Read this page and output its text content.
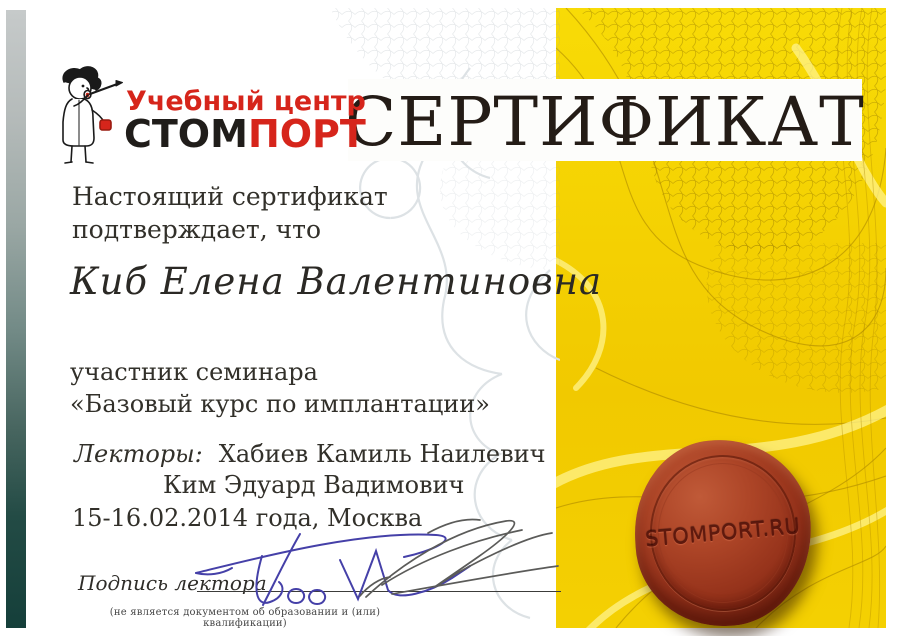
СЕРТИФИКАТ
Учебный центр
СТОМПОРТ
Настоящий сертификат
подтверждает, что
Киб Елена Валентиновна
участник семинара
«Базовый курс по имплантации»
Лекторы: Хабиев Камиль Наилевич
Ким Эдуард Вадимович
15-16.02.2014 года, Москва
Подпись лектора
STOMPORT.RU
(не является документом об образовании и (или) квалификации)
